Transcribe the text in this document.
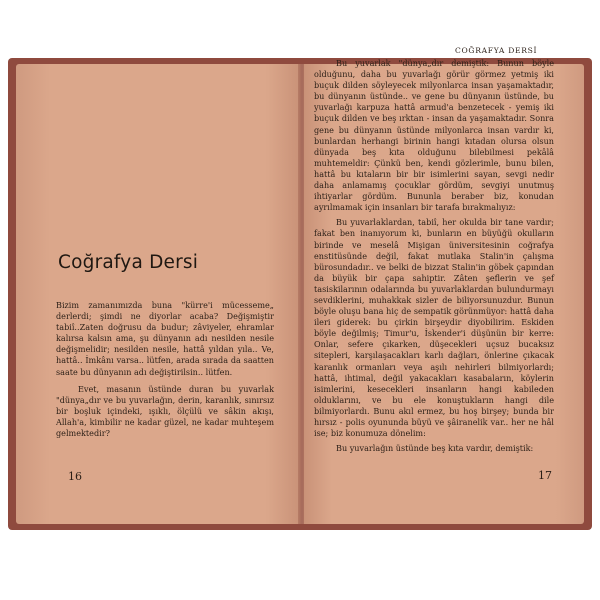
Coğrafya Dersi

Bizim zamanımızda buna "kürre'i mücesseme„ derlerdi; şimdi ne diyorlar acaba? Değişmiştir tabiî..Zaten doğrusu da budur; zâviyeler, ehramlar kalırsa kalsın ama, şu dünyanın adı nesilden nesile değişmelidir; nesilden nesile, hattâ yıldan yıla.. Ve, hattâ.. İmkânı varsa.. lütfen, arada sırada da saatten saate bu dünyanın adı değiştirilsin.. lütfen.

Evet, masanın üstünde duran bu yuvarlak "dünya„dır ve bu yuvarlağın, derin, karanlık, sınırsız bir boşluk içindeki, ışıklı, ölçülü ve sâkin akışı, Allah'a, kimbilir ne kadar güzel, ne kadar muhteşem gelmektedir?

16
COĞRAFYA DERSİ

Bu yuvarlak "dünya„dır demiştik: Bunun böyle olduğunu, daha bu yuvarlağı görür görmez yetmiş iki buçuk dilden söyleyecek milyonlarca insan yaşamaktadır, bu dünyanın üstünde.. ve gene bu dünyanın üstünde, bu yuvarlağı karpuza hattâ armud'a benzetecek - yemiş iki buçuk dilden ve beş ırktan - insan da yaşamaktadır. Sonra gene bu dünyanın üstünde milyonlarca insan vardır ki, bunlardan herhangi birinin hangi kıtadan olursa olsun dünyada beş kıta olduğunu bilebilmesi pekâlâ muhtemeldir: Çünkü ben, kendi gözlerimle, bunu bilen, hattâ bu kıtaların bir bir isimlerini sayan, sevgi nedir daha anlamamış çocuklar gördüm, sevgiyi unutmuş ihtiyarlar gördüm. Bununla beraber biz, konudan ayrılmamak için insanları bir tarafa bırakmalıyız:

Bu yuvarlaklardan, tabiî, her okulda bir tane vardır; fakat ben inanıyorum ki, bunların en büyüğü okulların birinde ve meselâ Mişigan üniversitesinin coğrafya enstitüsünde değil, fakat mutlaka Stalin'in çalışma bürosundadır.. ve belki de bizzat Stalin'in göbek çapından da büyük bir çapa sahiptir. Zâten şeflerin ve şef tasiskilarının odalarında bu yuvarlaklardan bulundurmayı sevdiklerini, muhakkak sizler de biliyorsunuzdur. Bunun böyle oluşu bana hiç de sempatik görünmüyor: hattâ daha ileri giderek: bu çirkin birşeydir diyobilirim. Eskiden böyle değilmiş; Timur'u, İskender'i düşünün bir kerre: Onlar, sefere çıkarken, düşecekleri uçsuz bucaksız sitepleri, karşılaşacakları karlı dağları, önlerine çıkacak karanlık ormanları veya aşılı nehirleri bilmiyorlardı; hattâ, ihtimal, değil yakacakları kasabaların, köylerin isimlerini, kesecekleri insanların hangi kabileden olduklarını, ve bu ele konuştukların hangi dile bilmiyorlardı. Bunu akıl ermez, bu hoş birşey; bunda bir hırsız - polis oyununda büyü ve şâiranelik var.. her ne hâl ise; biz konumuza dönelim:

Bu yuvarlağın üstünde beş kıta vardır, demiştik:

17
